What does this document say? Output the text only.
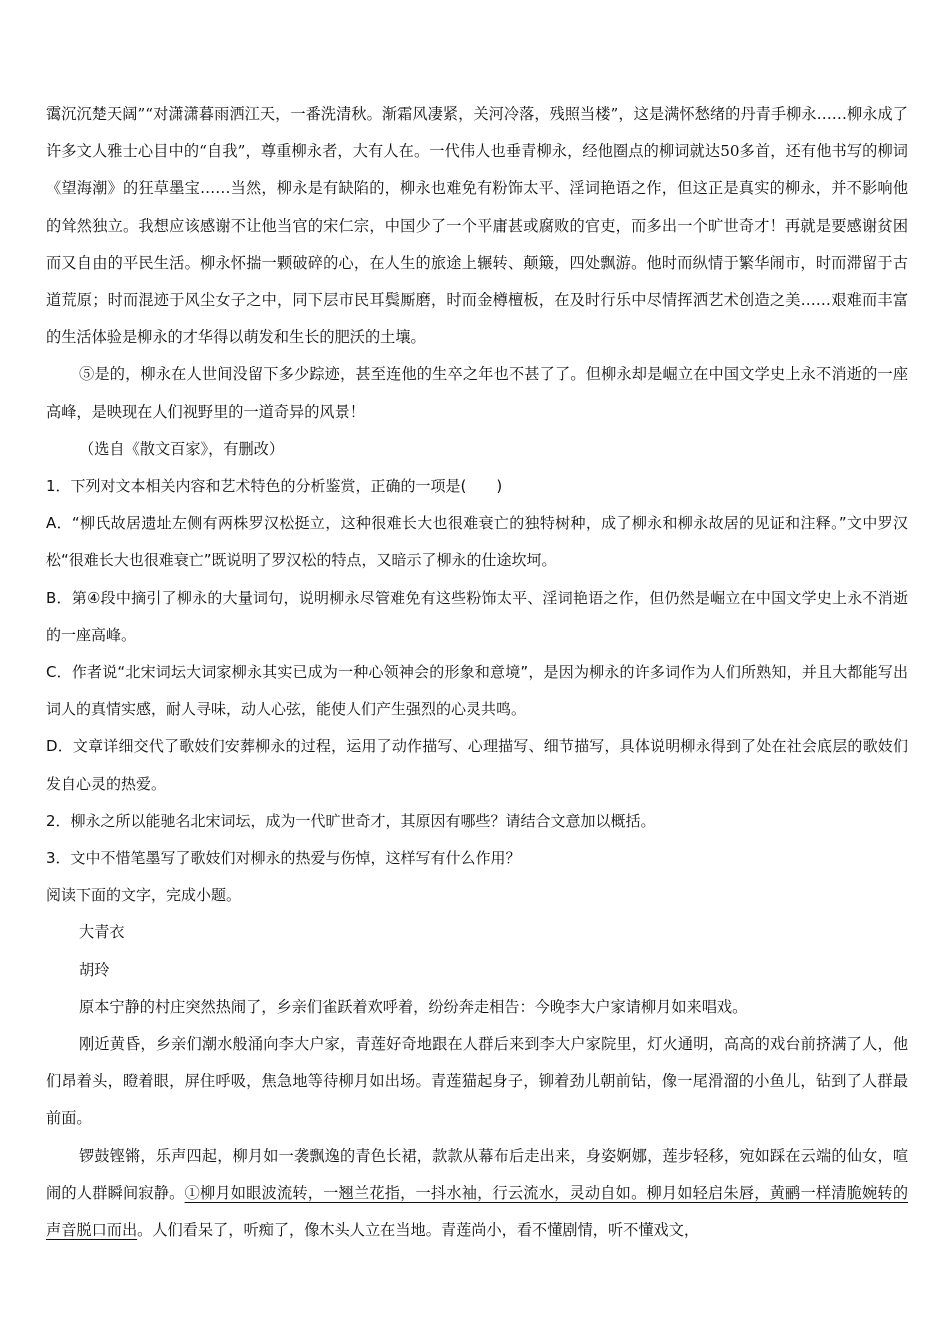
霭沉沉楚天阔”“对潇潇暮雨洒江天，一番洗清秋。渐霜风凄紧，关河冷落，残照当楼”，这是满怀愁绪的丹青手柳永……柳永成了许多文人雅士心目中的“自我”，尊重柳永者，大有人在。一代伟人也垂青柳永，经他圈点的柳词就达50多首，还有他书写的柳词《望海潮》的狂草墨宝……当然，柳永是有缺陷的，柳永也难免有粉饰太平、淫词艳语之作，但这正是真实的柳永，并不影响他的耸然独立。我想应该感谢不让他当官的宋仁宗，中国少了一个平庸甚或腐败的官吏，而多出一个旷世奇才！再就是要感谢贫困而又自由的平民生活。柳永怀揣一颗破碎的心，在人生的旅途上辗转、颠簸，四处飘游。他时而纵情于繁华闹市，时而滞留于古道荒原；时而混迹于风尘女子之中，同下层市民耳鬓厮磨，时而金樽檀板，在及时行乐中尽情挥洒艺术创造之美……艰难而丰富的生活体验是柳永的才华得以萌发和生长的肥沃的土壤。

⑤是的，柳永在人世间没留下多少踪迹，甚至连他的生卒之年也不甚了了。但柳永却是崛立在中国文学史上永不消逝的一座高峰，是映现在人们视野里的一道奇异的风景！

（选自《散文百家》，有删改）

1．下列对文本相关内容和艺术特色的分析鉴赏，正确的一项是(　　)

A．“柳氏故居遗址左侧有两株罗汉松挺立，这种很难长大也很难衰亡的独特树种，成了柳永和柳永故居的见证和注释。”文中罗汉松“很难长大也很难衰亡”既说明了罗汉松的特点，又暗示了柳永的仕途坎坷。

B．第④段中摘引了柳永的大量词句，说明柳永尽管难免有这些粉饰太平、淫词艳语之作，但仍然是崛立在中国文学史上永不消逝的一座高峰。

C．作者说“北宋词坛大词家柳永其实已成为一种心领神会的形象和意境”，是因为柳永的许多词作为人们所熟知，并且大都能写出词人的真情实感，耐人寻味，动人心弦，能使人们产生强烈的心灵共鸣。

D．文章详细交代了歌妓们安葬柳永的过程，运用了动作描写、心理描写、细节描写，具体说明柳永得到了处在社会底层的歌妓们发自心灵的热爱。

2．柳永之所以能驰名北宋词坛，成为一代旷世奇才，其原因有哪些？请结合文意加以概括。

3．文中不惜笔墨写了歌妓们对柳永的热爱与伤悼，这样写有什么作用？

阅读下面的文字，完成小题。

大青衣

胡玲

原本宁静的村庄突然热闹了，乡亲们雀跃着欢呼着，纷纷奔走相告：今晚李大户家请柳月如来唱戏。

刚近黄昏，乡亲们潮水般涌向李大户家，青莲好奇地跟在人群后来到李大户家院里，灯火通明，高高的戏台前挤满了人，他们昂着头，瞪着眼，屏住呼吸，焦急地等待柳月如出场。青莲猫起身子，铆着劲儿朝前钻，像一尾滑溜的小鱼儿，钻到了人群最前面。

锣鼓铿锵，乐声四起，柳月如一袭飘逸的青色长裙，款款从幕布后走出来，身姿婀娜，莲步轻移，宛如踩在云端的仙女，喧闹的人群瞬间寂静。①柳月如眼波流转，一翘兰花指，一抖水袖，行云流水，灵动自如。柳月如轻启朱唇，黄鹂一样清脆婉转的声音脱口而出。人们看呆了，听痴了，像木头人立在当地。青莲尚小，看不懂剧情，听不懂戏文，
